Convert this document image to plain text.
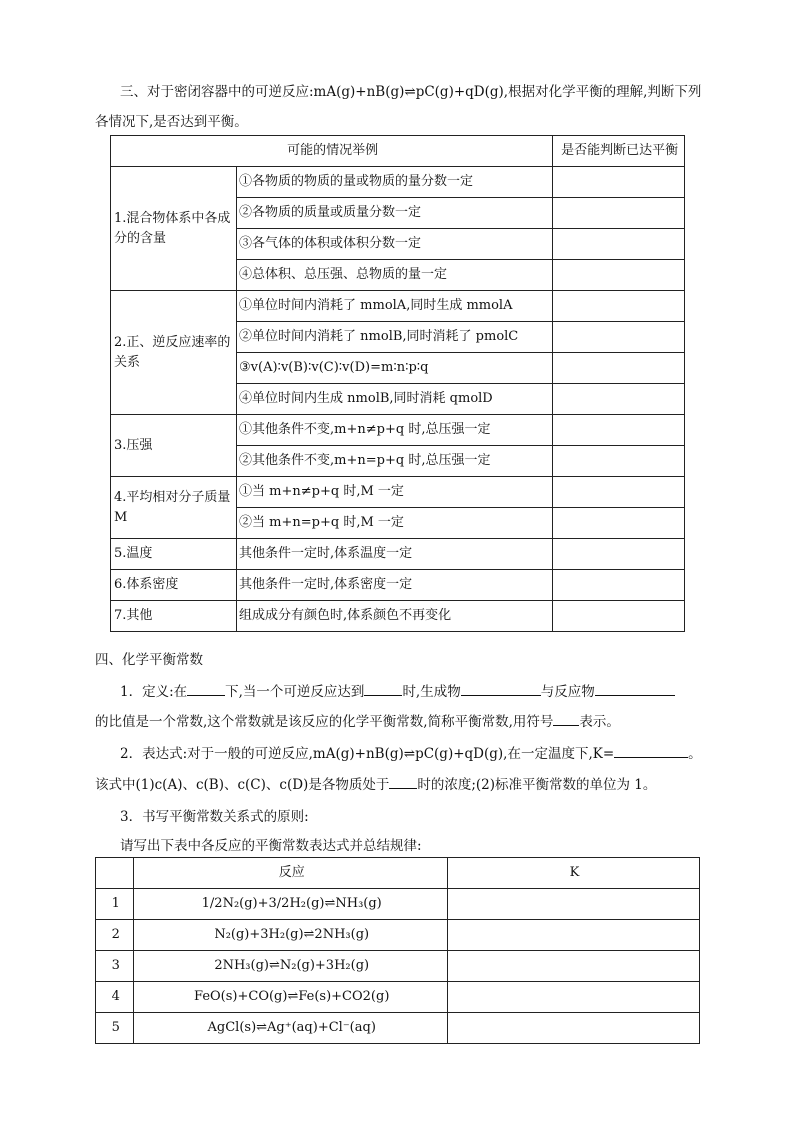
三、对于密闭容器中的可逆反应:mA(g)+nB(g)⇌pC(g)+qD(g),根据对化学平衡的理解,判断下列
各情况下,是否达到平衡。
可能的情况举例		是否能判断已达平衡
1.混合物体系中各成分的含量	①各物质的物质的量或物质的量分数一定	
	②各物质的质量或质量分数一定	
	③各气体的体积或体积分数一定	
	④总体积、总压强、总物质的量一定	
2.正、逆反应速率的关系	①单位时间内消耗了 mmolA,同时生成 mmolA	
	②单位时间内消耗了 nmolB,同时消耗了 pmolC	
	③v(A)∶v(B)∶v(C)∶v(D)=m∶n∶p∶q	
	④单位时间内生成 nmolB,同时消耗 qmolD	
3.压强	①其他条件不变,m+n≠p+q 时,总压强一定	
	②其他条件不变,m+n=p+q 时,总压强一定	
4.平均相对分子质量 M	①当 m+n≠p+q 时,M 一定	
	②当 m+n=p+q 时,M 一定	
5.温度	其他条件一定时,体系温度一定	
6.体系密度	其他条件一定时,体系密度一定	
7.其他	组成成分有颜色时,体系颜色不再变化	
四、化学平衡常数
1．定义:在	下,当一个可逆反应达到	时,生成物	与反应物
的比值是一个常数,这个常数就是该反应的化学平衡常数,简称平衡常数,用符号 表示。
2．表达式:对于一般的可逆反应,mA(g)+nB(g)⇌pC(g)+qD(g),在一定温度下,K=	。
该式中(1)c(A)、c(B)、c(C)、c(D)是各物质处于 时的浓度;(2)标准平衡常数的单位为 1。
3．书写平衡常数关系式的原则:
请写出下表中各反应的平衡常数表达式并总结规律:
	反应	K
1	1/2N₂(g)+3/2H₂(g)⇌NH₃(g)	
2	N₂(g)+3H₂(g)⇌2NH₃(g)	
3	2NH₃(g)⇌N₂(g)+3H₂(g)	
4	FeO(s)+CO(g)⇌Fe(s)+CO2(g)	
5	AgCl(s)⇌Ag⁺(aq)+Cl⁻(aq)	
